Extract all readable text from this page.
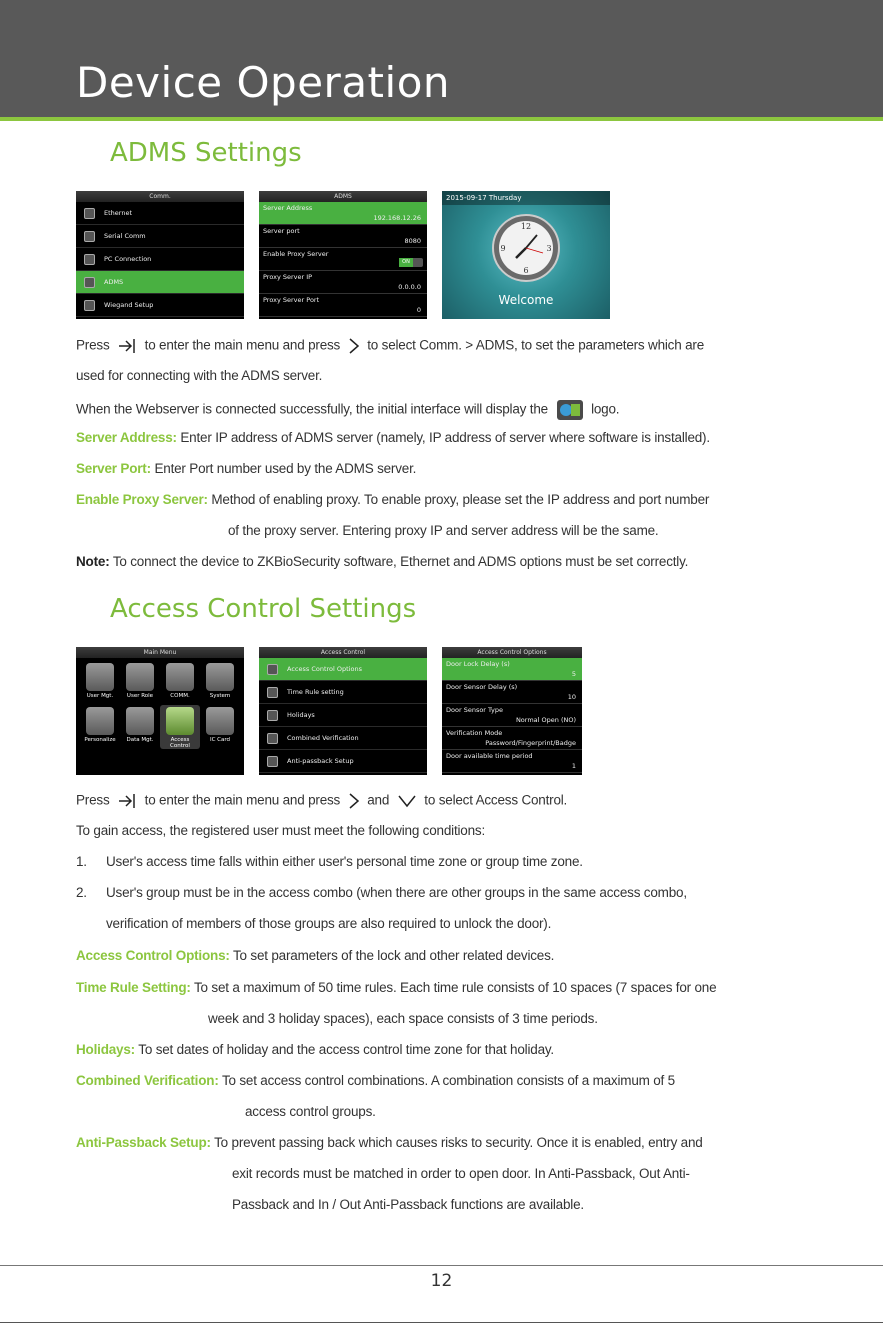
Device Operation
ADMS Settings
Comm.
Ethernet
Serial Comm
PC Connection
ADMS
Wiegand Setup
ADMS
Server Address
192.168.12.26
Server port
8080
Enable Proxy Server
ON
Proxy Server IP
0.0.0.0
Proxy Server Port
0
2015-09-17 Thursday
12
3
6
9
Welcome
Press	to enter the main menu and press to select Comm. > ADMS, to set the parameters which are
used for connecting with the ADMS server.
When the Webserver is connected successfully, the initial interface will display the	logo.
Server Address: Enter IP address of ADMS server (namely, IP address of server where software is installed).
Server Port: Enter Port number used by the ADMS server.
Enable Proxy Server: Method of enabling proxy. To enable proxy, please set the IP address and port number
of the proxy server. Entering proxy IP and server address will be the same.
Note: To connect the device to ZKBioSecurity software, Ethernet and ADMS options must be set correctly.
Access Control Settings
Main Menu
User Mgt.	User Role	COMM.	System
Personalize	Data Mgt.	Access Control
IC Card
Access Control
Access Control Options
Time Rule setting
Holidays
Combined Verification
Anti-passback Setup
Access Control Options
Door Lock Delay (s)
5
Door Sensor Delay (s)
10
Door Sensor Type
Normal Open (NO)
Verification Mode
Password/Fingerprint/Badge
Door available time period
1
Press	to enter the main menu and press and	to select Access Control.
To gain access, the registered user must meet the following conditions:
1. User's access time falls within either user's personal time zone or group time zone.
2. User's group must be in the access combo (when there are other groups in the same access combo,
verification of members of those groups are also required to unlock the door).
Access Control Options: To set parameters of the lock and other related devices.
Time Rule Setting: To set a maximum of 50 time rules. Each time rule consists of 10 spaces (7 spaces for one
week and 3 holiday spaces), each space consists of 3 time periods.
Holidays: To set dates of holiday and the access control time zone for that holiday.
Combined Verification: To set access control combinations. A combination consists of a maximum of 5
access control groups.
Anti-Passback Setup: To prevent passing back which causes risks to security. Once it is enabled, entry and
exit records must be matched in order to open door. In Anti-Passback, Out Anti-
Passback and In / Out Anti-Passback functions are available.
12
